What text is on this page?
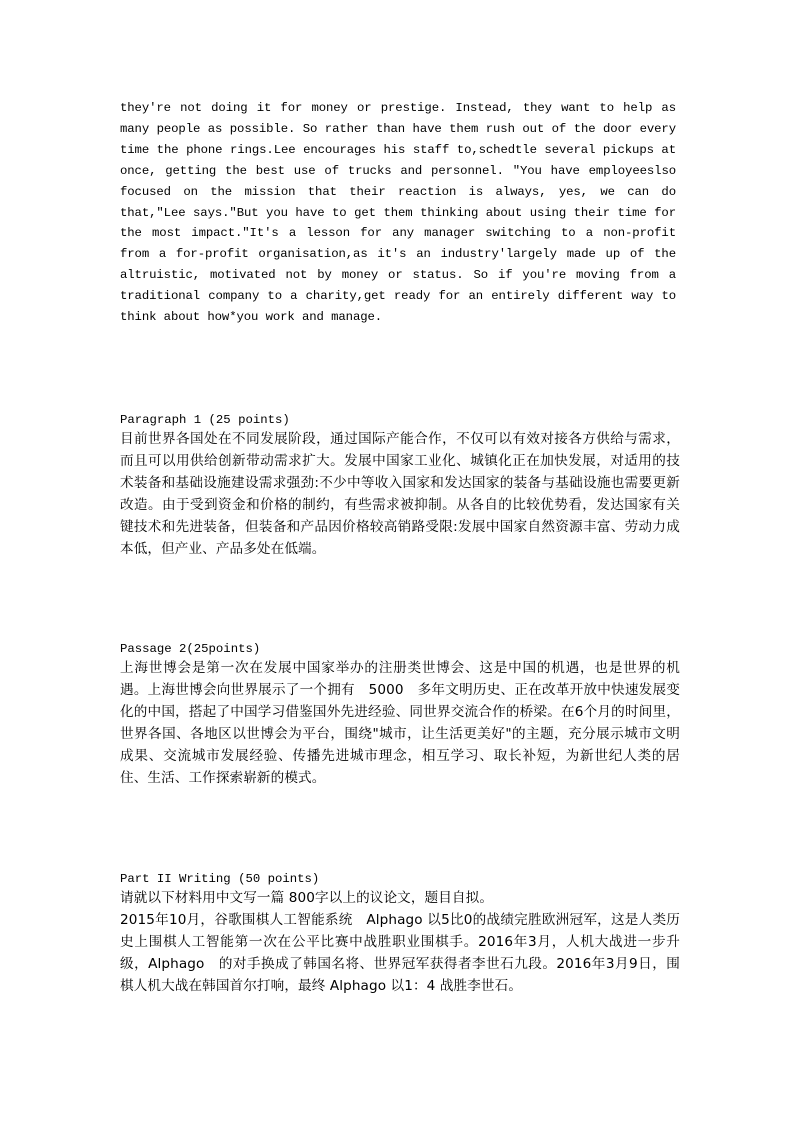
they're not doing it for money or prestige. Instead, they want to help as many people as possible. So rather than have them rush out of the door every time the phone rings.Lee encourages his staff to,schedtle several pickups at once, getting the best use of trucks and personnel. "You have employeeslso focused on the mission that their reaction is always, yes, we can do that,"Lee says."But you have to get them thinking about using their time for the most impact."It's a lesson for any manager switching to a non-profit from a for-profit organisation,as it's an industry'largely made up of the altruistic, motivated not by money or status. So if you're moving from a traditional company to a charity,get ready for an entirely different way to think about how*you work and manage.

Paragraph 1 (25 points)

目前世界各国处在不同发展阶段，通过国际产能合作，不仅可以有效对接各方供给与需求，而且可以用供给创新带动需求扩大。发展中国家工业化、城镇化正在加快发展，对适用的技术装备和基础设施建设需求强劲:不少中等收入国家和发达国家的装备与基础设施也需要更新改造。由于受到资金和价格的制约，有些需求被抑制。从各自的比较优势看，发达国家有关键技术和先进装备，但装备和产品因价格较高销路受限:发展中国家自然资源丰富、劳动力成本低，但产业、产品多处在低端。

Passage 2(25points)

上海世博会是第一次在发展中国家举办的注册类世博会、这是中国的机遇，也是世界的机遇。上海世博会向世界展示了一个拥有　5000　多年文明历史、正在改革开放中快速发展变化的中国，搭起了中国学习借鉴国外先进经验、同世界交流合作的桥梁。在6个月的时间里，世界各国、各地区以世博会为平台，围绕"城市，让生活更美好"的主题，充分展示城市文明成果、交流城市发展经验、传播先进城市理念，相互学习、取长补短，为新世纪人类的居住、生活、工作探索崭新的模式。

Part II Writing (50 points)

请就以下材料用中文写一篇 800字以上的议论文，题目自拟。

2015年10月，谷歌围棋人工智能系统　Alphago 以5比0的战绩完胜欧洲冠军，这是人类历史上围棋人工智能第一次在公平比赛中战胜职业围棋手。2016年3月，人机大战进一步升级，Alphago　的对手换成了韩国名将、世界冠军获得者李世石九段。2016年3月9日，围棋人机大战在韩国首尔打响，最终 Alphago 以1：4 战胜李世石。
